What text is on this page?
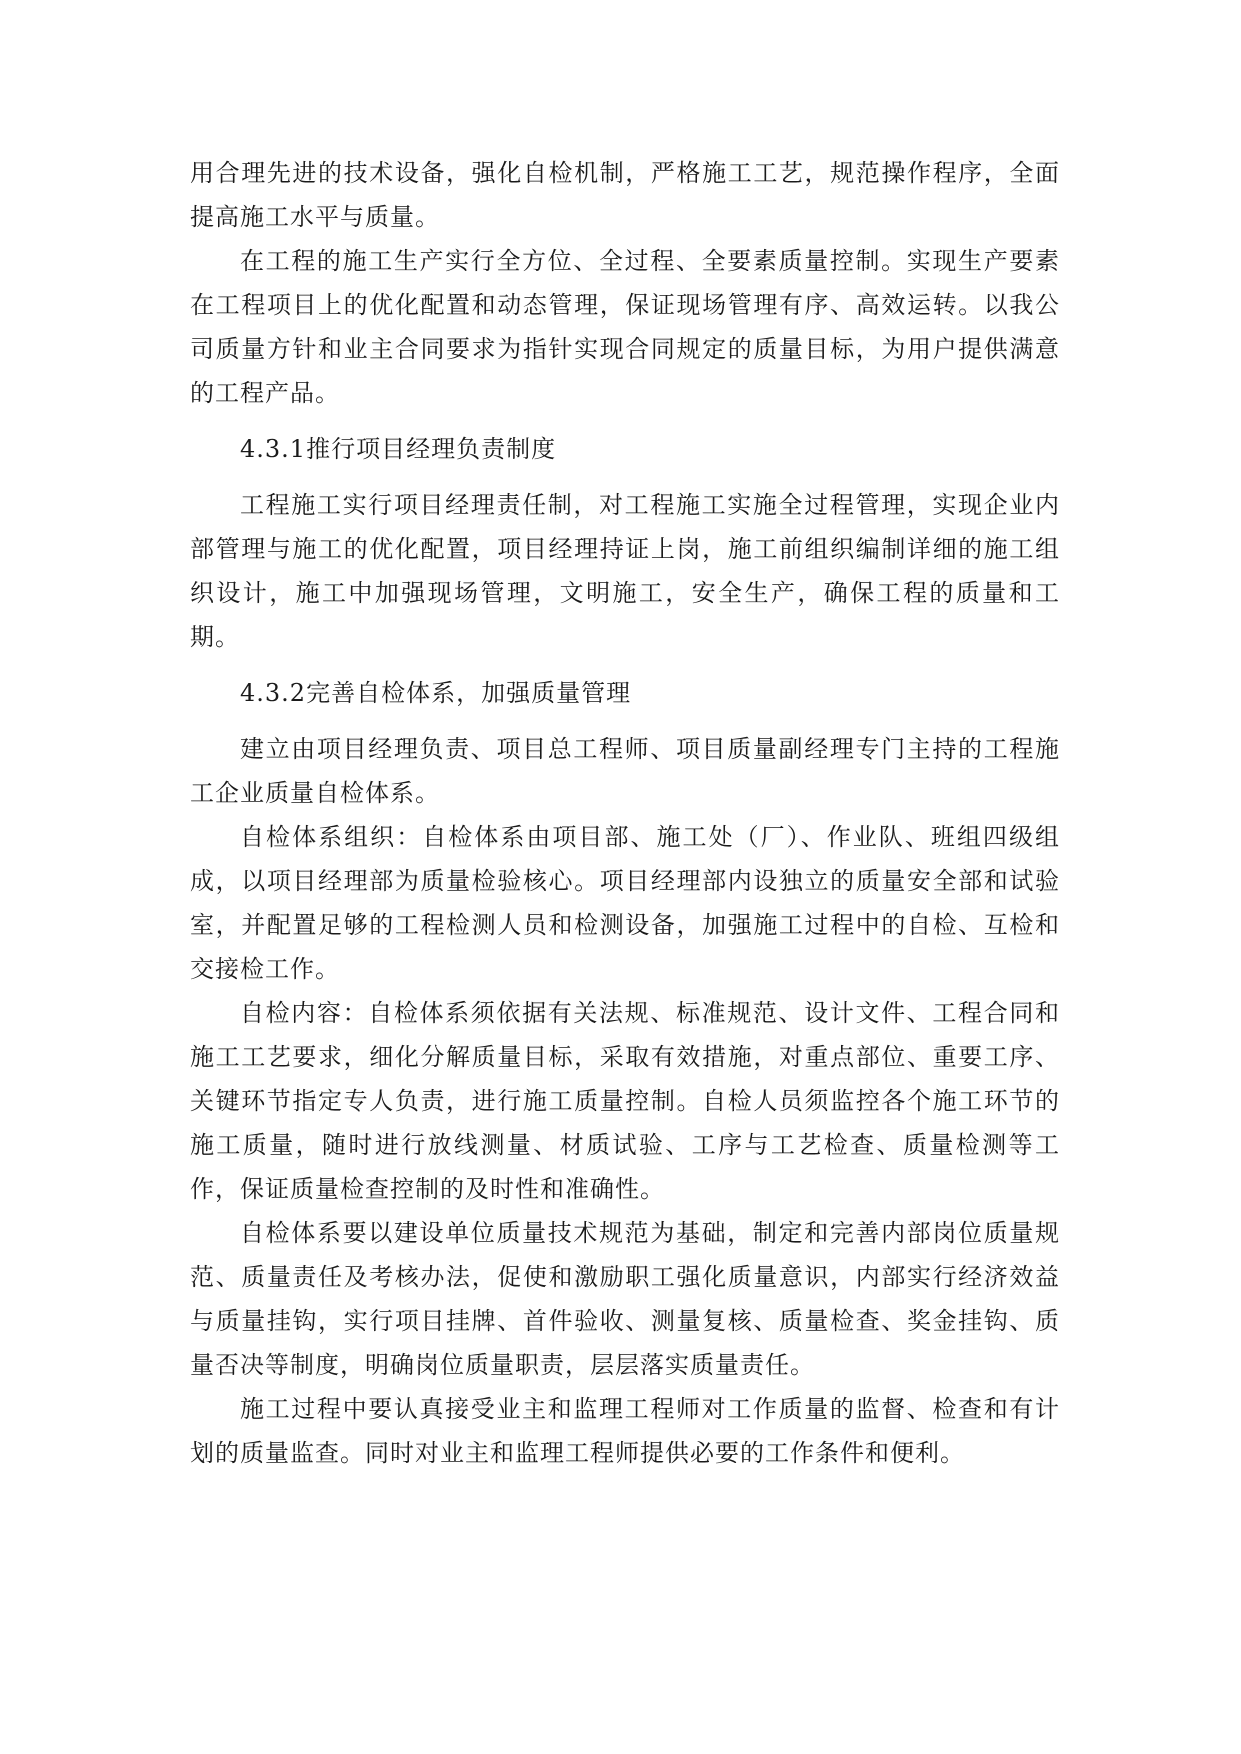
用合理先进的技术设备，强化自检机制，严格施工工艺，规范操作程序，全面提高施工水平与质量。

在工程的施工生产实行全方位、全过程、全要素质量控制。实现生产要素在工程项目上的优化配置和动态管理，保证现场管理有序、高效运转。以我公司质量方针和业主合同要求为指针实现合同规定的质量目标，为用户提供满意的工程产品。

4.3.1推行项目经理负责制度

工程施工实行项目经理责任制，对工程施工实施全过程管理，实现企业内部管理与施工的优化配置，项目经理持证上岗，施工前组织编制详细的施工组织设计，施工中加强现场管理，文明施工，安全生产，确保工程的质量和工期。

4.3.2完善自检体系，加强质量管理

建立由项目经理负责、项目总工程师、项目质量副经理专门主持的工程施工企业质量自检体系。

自检体系组织：自检体系由项目部、施工处（厂）、作业队、班组四级组成，以项目经理部为质量检验核心。项目经理部内设独立的质量安全部和试验室，并配置足够的工程检测人员和检测设备，加强施工过程中的自检、互检和交接检工作。

自检内容：自检体系须依据有关法规、标准规范、设计文件、工程合同和施工工艺要求，细化分解质量目标，采取有效措施，对重点部位、重要工序、关键环节指定专人负责，进行施工质量控制。自检人员须监控各个施工环节的施工质量，随时进行放线测量、材质试验、工序与工艺检查、质量检测等工作，保证质量检查控制的及时性和准确性。

自检体系要以建设单位质量技术规范为基础，制定和完善内部岗位质量规范、质量责任及考核办法，促使和激励职工强化质量意识，内部实行经济效益与质量挂钩，实行项目挂牌、首件验收、测量复核、质量检查、奖金挂钩、质量否决等制度，明确岗位质量职责，层层落实质量责任。

施工过程中要认真接受业主和监理工程师对工作质量的监督、检查和有计划的质量监查。同时对业主和监理工程师提供必要的工作条件和便利。
